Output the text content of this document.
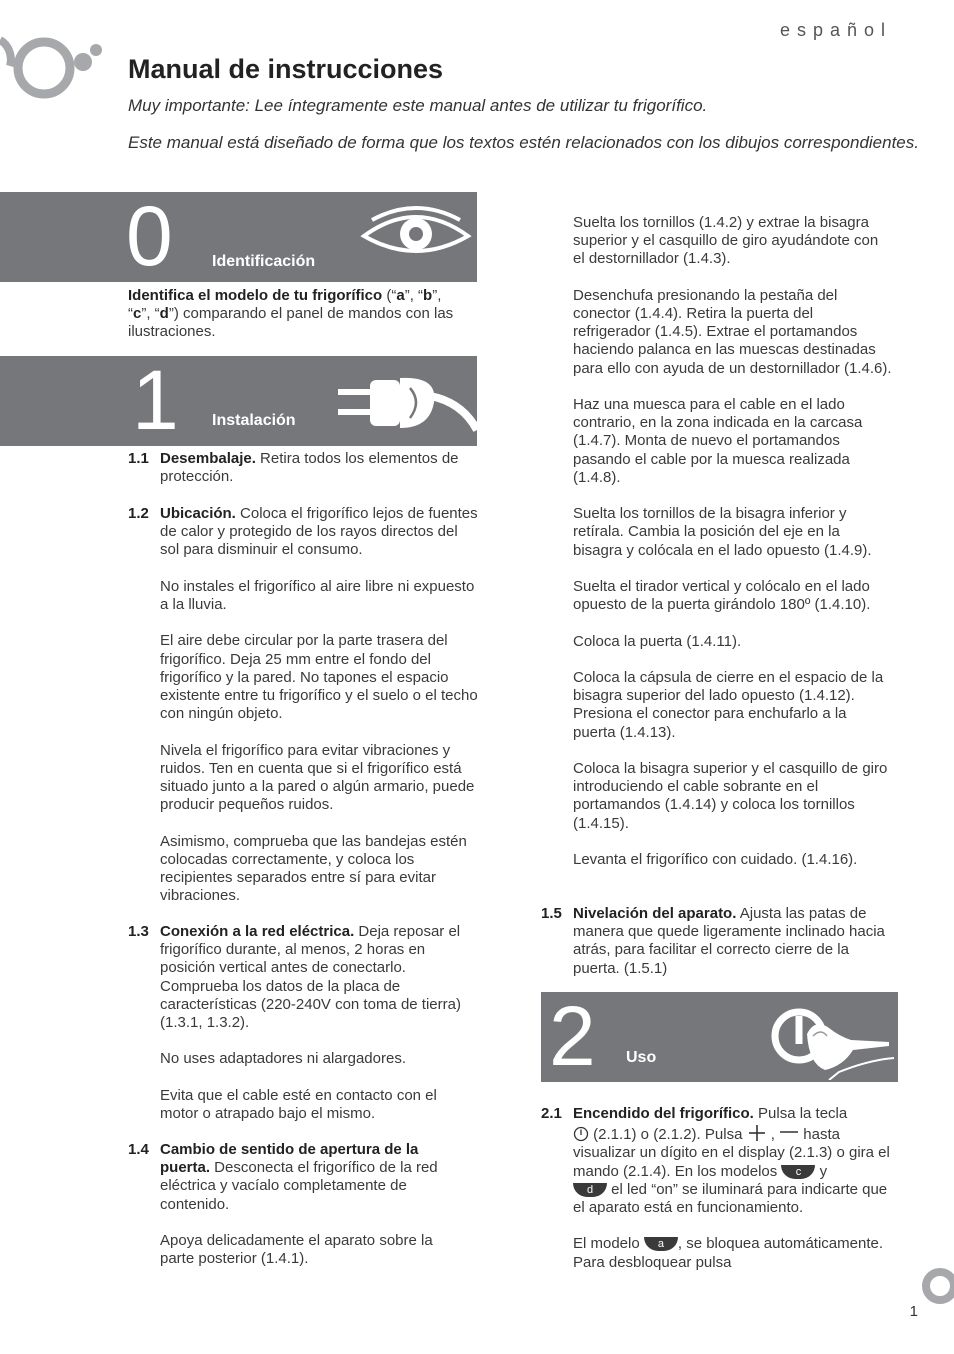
español
Manual de instrucciones
Muy importante: Lee íntegramente este manual antes de utilizar tu frigorífico.
Este manual está diseñado de forma que los textos estén relacionados con los dibujos correspondientes.
0 Identificación
Identifica el modelo de tu frigorífico (“a”, “b”,
“c”, “d”) comparando el panel de mandos con las ilustraciones.
1 Instalación
1.1 Desembalaje. Retira todos los elementos de protección.
1.2 Ubicación. Coloca el frigorífico lejos de fuentes de calor y protegido de los rayos directos del sol para disminuir el consumo.

No instales el frigorífico al aire libre ni expuesto a la lluvia.

El aire debe circular por la parte trasera del frigorífico. Deja 25 mm entre el fondo del frigorífico y la pared. No tapones el espacio existente entre tu frigorífico y el suelo o el techo con ningún objeto.

Nivela el frigorífico para evitar vibraciones y ruidos. Ten en cuenta que si el frigorífico está situado junto a la pared o algún armario, puede producir pequeños ruidos.

Asimismo, comprueba que las bandejas estén colocadas correctamente, y coloca los recipientes separados entre sí para evitar vibraciones.

1.3 Conexión a la red eléctrica. Deja reposar el frigorífico durante, al menos, 2 horas en posición vertical antes de conectarlo. Comprueba los datos de la placa de características (220-240V con toma de tierra) (1.3.1, 1.3.2).

No uses adaptadores ni alargadores.

Evita que el cable esté en contacto con el motor o atrapado bajo el mismo.

1.4 Cambio de sentido de apertura de la puerta. Desconecta el frigorífico de la red eléctrica y vacíalo completamente de contenido.

Apoya delicadamente el aparato sobre la parte posterior (1.4.1).

Suelta los tornillos (1.4.2) y extrae la bisagra superior y el casquillo de giro ayudándote con el destornillador (1.4.3).

Desenchufa presionando la pestaña del conector (1.4.4). Retira la puerta del refrigerador (1.4.5). Extrae el portamandos haciendo palanca en las muescas destinadas para ello con ayuda de un destornillador (1.4.6).

Haz una muesca para el cable en el lado contrario, en la zona indicada en la carcasa (1.4.7). Monta de nuevo el portamandos pasando el cable por la muesca realizada (1.4.8).

Suelta los tornillos de la bisagra inferior y retírala. Cambia la posición del eje en la bisagra y colócala en el lado opuesto (1.4.9).

Suelta el tirador vertical y colócalo en el lado opuesto de la puerta girándolo 180º (1.4.10).

Coloca la puerta (1.4.11).

Coloca la cápsula de cierre en el espacio de la bisagra superior del lado opuesto (1.4.12). Presiona el conector para enchufarlo a la puerta (1.4.13).

Coloca la bisagra superior y el casquillo de giro introduciendo el cable sobrante en el portamandos (1.4.14) y coloca los tornillos (1.4.15).

Levanta el frigorífico con cuidado. (1.4.16).

1.5 Nivelación del aparato. Ajusta las patas de manera que quede ligeramente inclinado hacia atrás, para facilitar el correcto cierre de la puerta. (1.5.1)
2 Uso
2.1 Encendido del frigorífico. Pulsa la tecla
(2.1.1) o (2.1.2). Pulsa  ,  hasta visualizar un dígito en el display (2.1.3) o gira el mando (2.1.4). En los modelos c y
d el led “on” se iluminará para indicarte que el aparato está en funcionamiento.

El modelo a , se bloquea automáticamente. Para desbloquear pulsa

1
